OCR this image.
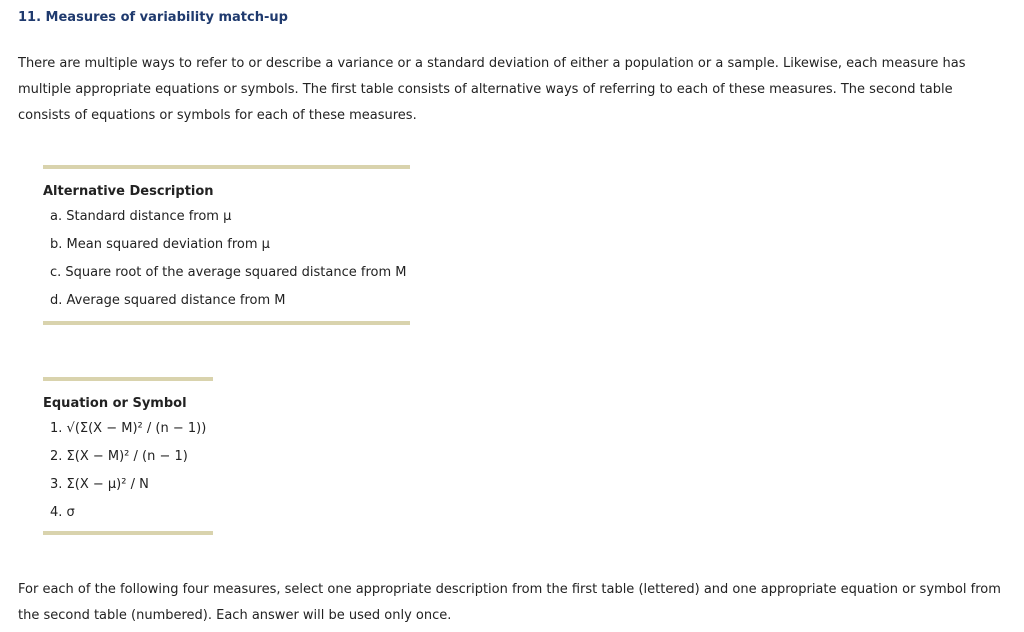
11. Measures of variability match-up

There are multiple ways to refer to or describe a variance or a standard deviation of either a population or a sample. Likewise, each measure has multiple appropriate equations or symbols. The first table consists of alternative ways of referring to each of these measures. The second table consists of equations or symbols for each of these measures.

Alternative Description
a. Standard distance from μ
b. Mean squared deviation from μ
c. Square root of the average squared distance from M
d. Average squared distance from M
Equation or Symbol
1. √(Σ(X − M)² / (n − 1))
2. Σ(X − M)² / (n − 1)
3. Σ(X − μ)² / N
4. σ

For each of the following four measures, select one appropriate description from the first table (lettered) and one appropriate equation or symbol from the second table (numbered). Each answer will be used only once.
